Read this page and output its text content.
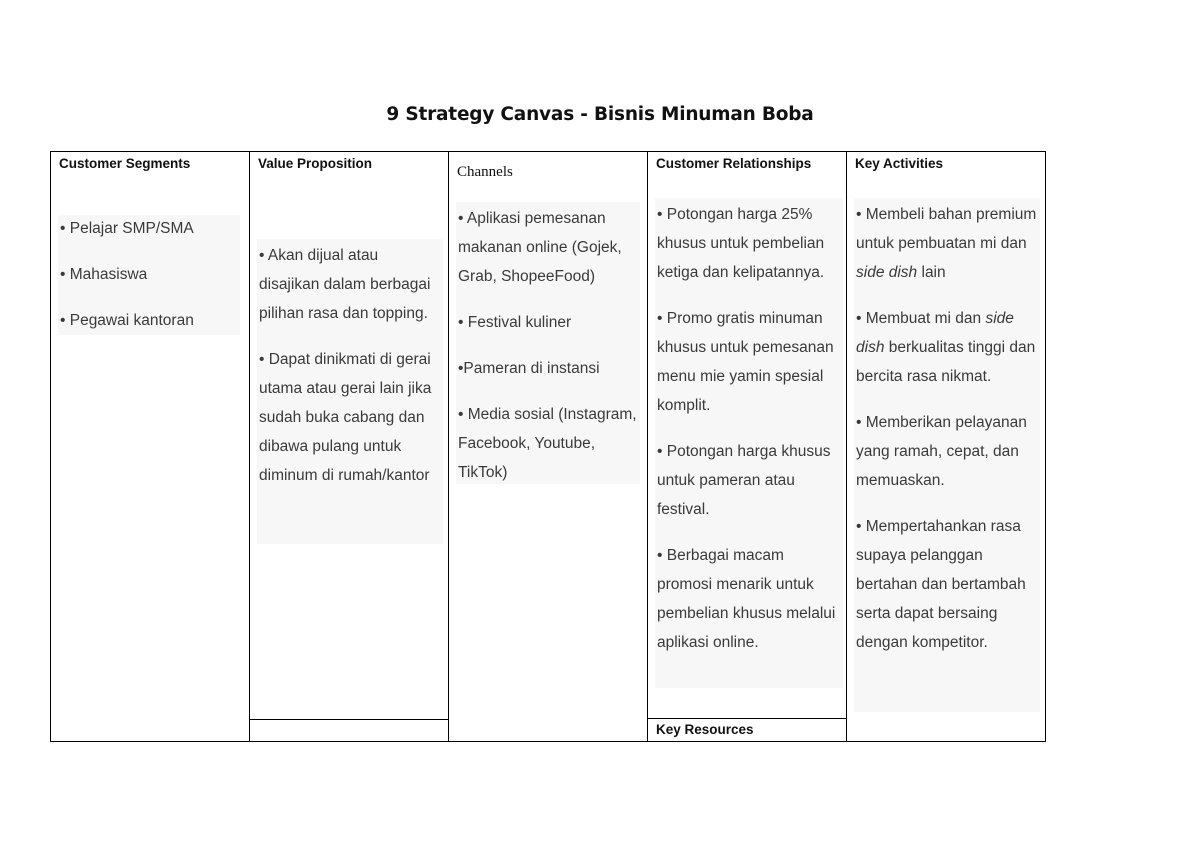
9 Strategy Canvas - Bisnis Minuman Boba
Customer Segments

• Pelajar SMP/SMA

• Mahasiswa

• Pegawai kantoran

Value Proposition

• Akan dijual atau disajikan dalam berbagai pilihan rasa dan topping.

• Dapat dinikmati di gerai utama atau gerai lain jika sudah buka cabang dan dibawa pulang untuk diminum di rumah/kantor

Channels

• Aplikasi pemesanan makanan online (Gojek, Grab, ShopeeFood)

• Festival kuliner

•Pameran di instansi

• Media sosial (Instagram, Facebook, Youtube, TikTok)

Customer Relationships

• Potongan harga 25% khusus untuk pembelian ketiga dan kelipatannya.

• Promo gratis minuman khusus untuk pemesanan menu mie yamin spesial komplit.

• Potongan harga khusus untuk pameran atau festival.

• Berbagai macam promosi menarik untuk pembelian khusus melalui aplikasi online.

Key Resources
Key Activities

• Membeli bahan premium untuk pembuatan mi dan side dish lain

• Membuat mi dan side dish berkualitas tinggi dan bercita rasa nikmat.

• Memberikan pelayanan yang ramah, cepat, dan memuaskan.

• Mempertahankan rasa supaya pelanggan bertahan dan bertambah serta dapat bersaing dengan kompetitor.
